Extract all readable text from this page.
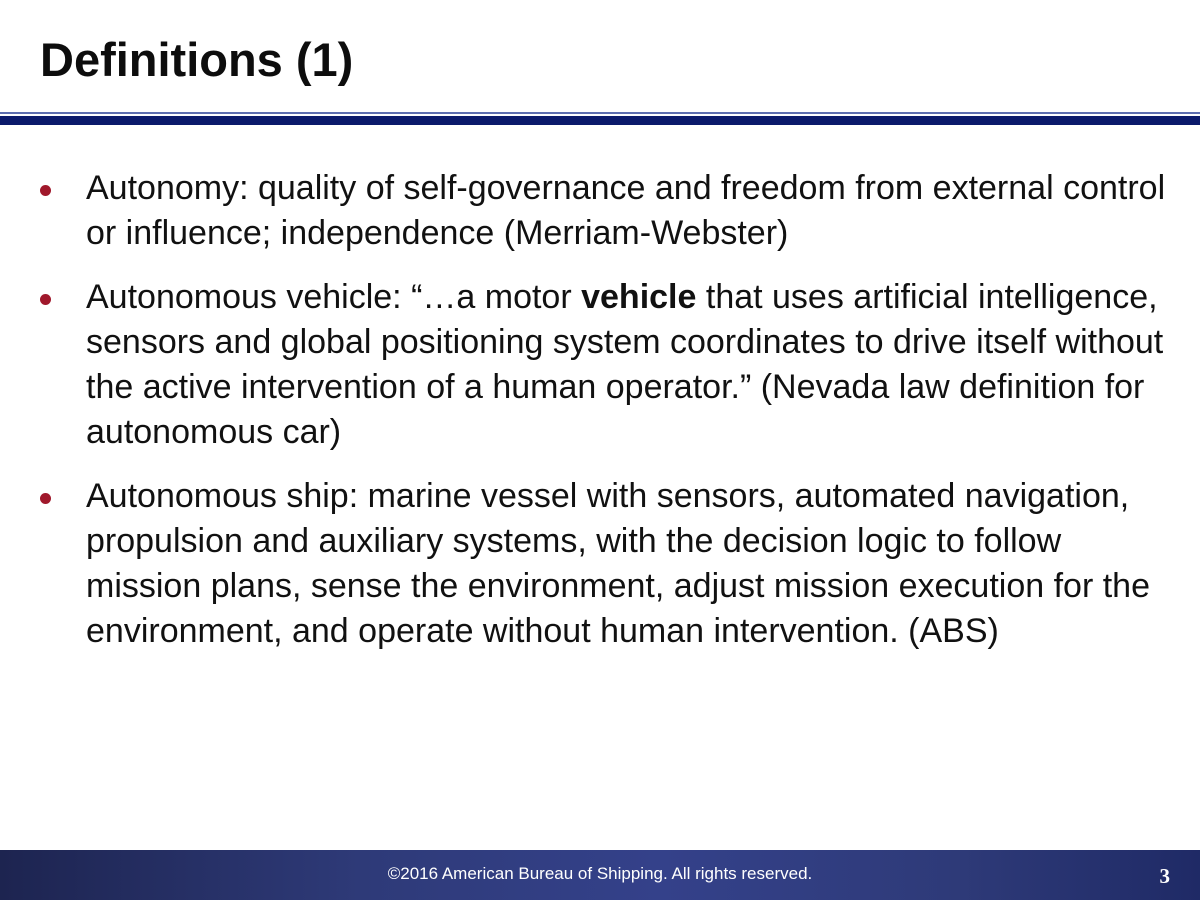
Definitions (1)
Autonomy: quality of self-governance and freedom from external control or influence; independence (Merriam-Webster)
Autonomous vehicle: “…a motor vehicle that uses artificial intelligence, sensors and global positioning system coordinates to drive itself without the active intervention of a human operator.” (Nevada law definition for autonomous car)
Autonomous ship: marine vessel with sensors, automated navigation, propulsion and auxiliary systems, with the decision logic to follow mission plans, sense the environment, adjust mission execution for the environment, and operate without human intervention. (ABS)
©2016 American Bureau of Shipping. All rights reserved.	3
